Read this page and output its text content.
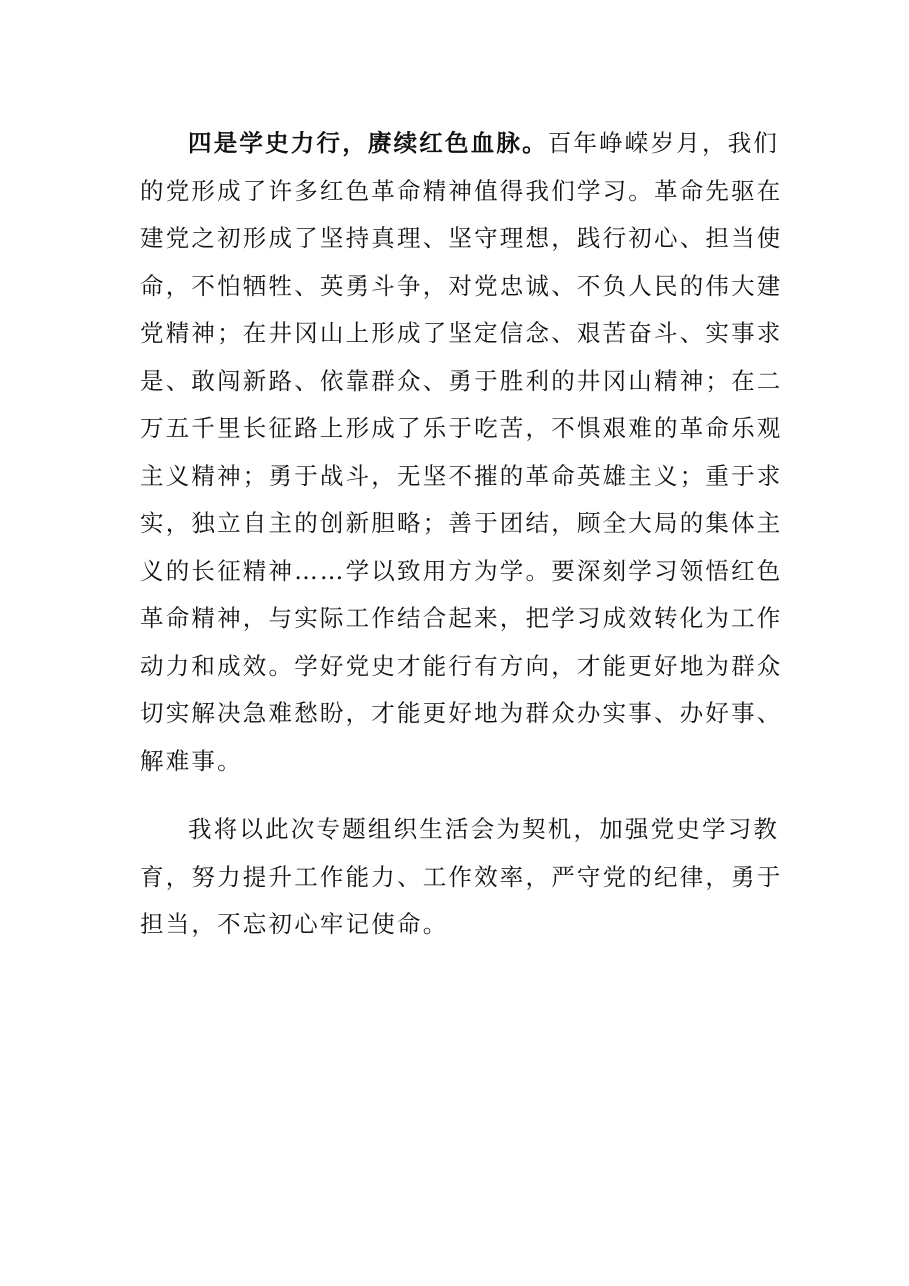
四是学史力行，赓续红色血脉。百年峥嵘岁月，我们
的党形成了许多红色革命精神值得我们学习。革命先驱在
建党之初形成了坚持真理、坚守理想，践行初心、担当使
命，不怕牺牲、英勇斗争，对党忠诚、不负人民的伟大建
党精神；在井冈山上形成了坚定信念、艰苦奋斗、实事求
是、敢闯新路、依靠群众、勇于胜利的井冈山精神；在二
万五千里长征路上形成了乐于吃苦，不惧艰难的革命乐观
主义精神；勇于战斗，无坚不摧的革命英雄主义；重于求
实，独立自主的创新胆略；善于团结，顾全大局的集体主
义的长征精神……学以致用方为学。要深刻学习领悟红色
革命精神，与实际工作结合起来，把学习成效转化为工作
动力和成效。学好党史才能行有方向，才能更好地为群众
切实解决急难愁盼，才能更好地为群众办实事、办好事、
解难事。
我将以此次专题组织生活会为契机，加强党史学习教
育，努力提升工作能力、工作效率，严守党的纪律，勇于
担当，不忘初心牢记使命。
